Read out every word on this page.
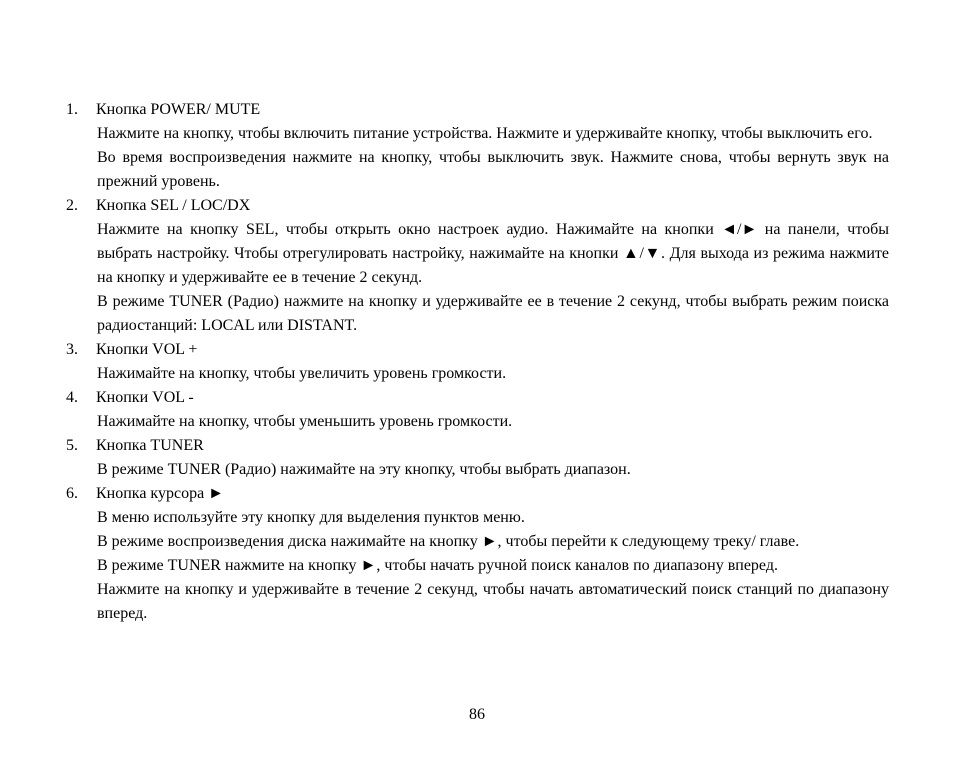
1.	Кнопка POWER/ MUTE

Нажмите на кнопку, чтобы включить питание устройства. Нажмите и удерживайте кнопку, чтобы выключить его.

Во время воспроизведения нажмите на кнопку, чтобы выключить звук. Нажмите снова, чтобы вернуть звук на прежний уровень.

2.	Кнопка SEL / LOC/DX

Нажмите на кнопку SEL, чтобы открыть окно настроек аудио. Нажимайте на кнопки ◄/► на панели, чтобы выбрать настройку. Чтобы отрегулировать настройку, нажимайте на кнопки ▲/▼. Для выхода из режима нажмите на кнопку и удерживайте ее в течение 2 секунд.

В режиме TUNER (Радио) нажмите на кнопку и удерживайте ее в течение 2 секунд, чтобы выбрать режим поиска радиостанций: LOCAL или DISTANT.

3.	Кнопки VOL +

Нажимайте на кнопку, чтобы увеличить уровень громкости.

4.	Кнопки VOL -

Нажимайте на кнопку, чтобы уменьшить уровень громкости.

5.	Кнопка TUNER

В режиме TUNER (Радио) нажимайте на эту кнопку, чтобы выбрать диапазон.

6.	Кнопка курсора ►

В меню используйте эту кнопку для выделения пунктов меню.

В режиме воспроизведения диска нажимайте на кнопку ►, чтобы перейти к следующему треку/ главе.

В режиме TUNER нажмите на кнопку ►, чтобы начать ручной поиск каналов по диапазону вперед.

Нажмите на кнопку и удерживайте в течение 2 секунд, чтобы начать автоматический поиск станций по диапазону вперед.

86
